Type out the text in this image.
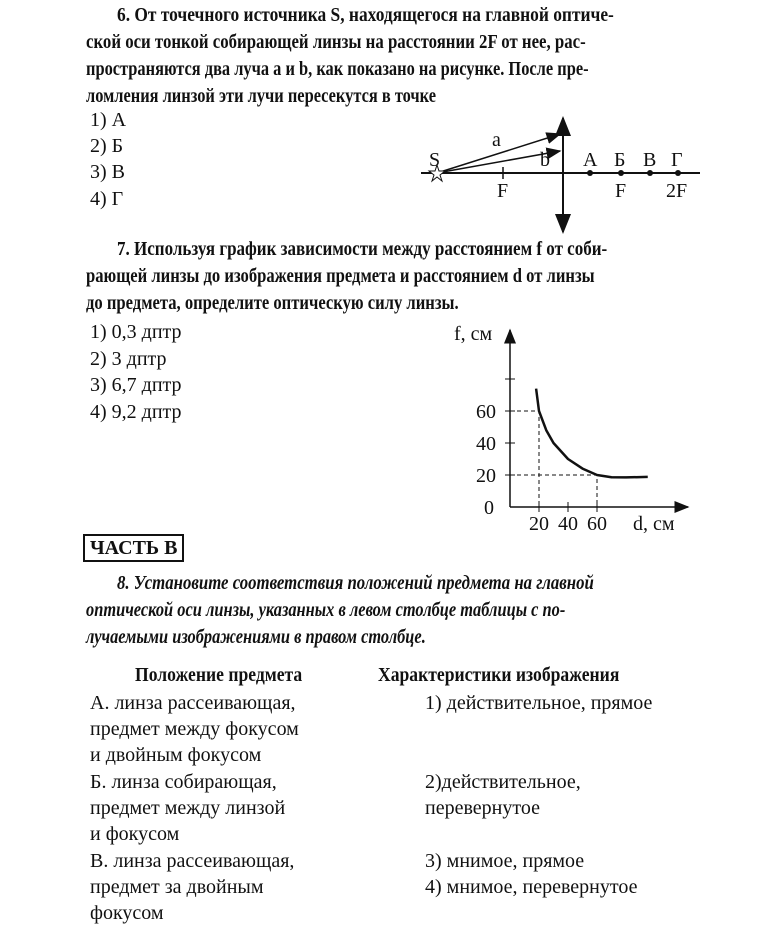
6. От точечного источника S, находящегося на главной оптиче-
ской оси тонкой собирающей линзы на расстоянии 2F от нее, рас-
пространяются два луча a и b, как показано на рисунке. После пре-
ломления линзой эти лучи пересекутся в точке
1) А
2) Б
3) В
4) Г
S
a
b А Б В Г
F	F 2F
f, см
d, см
0
20
40
60
20 40 60
7. Используя график зависимости между расстоянием f от соби-
рающей линзы до изображения предмета и расстоянием d от линзы
до предмета, определите оптическую силу линзы.
1) 0,3 дптр
2) 3 дптр
3) 6,7 дптр
4) 9,2 дптр
ЧАСТЬ В
8. Установите соответствия положений предмета на главной
оптической оси линзы, указанных в левом столбце таблицы с по-
лучаемыми изображениями в правом столбце.
Положение предмета	Характеристики изображения
А. линза рассеивающая,
предмет между фокусом
и двойным фокусом
Б. линза собирающая,
предмет между линзой
и фокусом
В. линза рассеивающая,
предмет за двойным
фокусом
1) действительное, прямое
2)действительное,
перевернутое
3) мнимое, прямое
4) мнимое, перевернутое
